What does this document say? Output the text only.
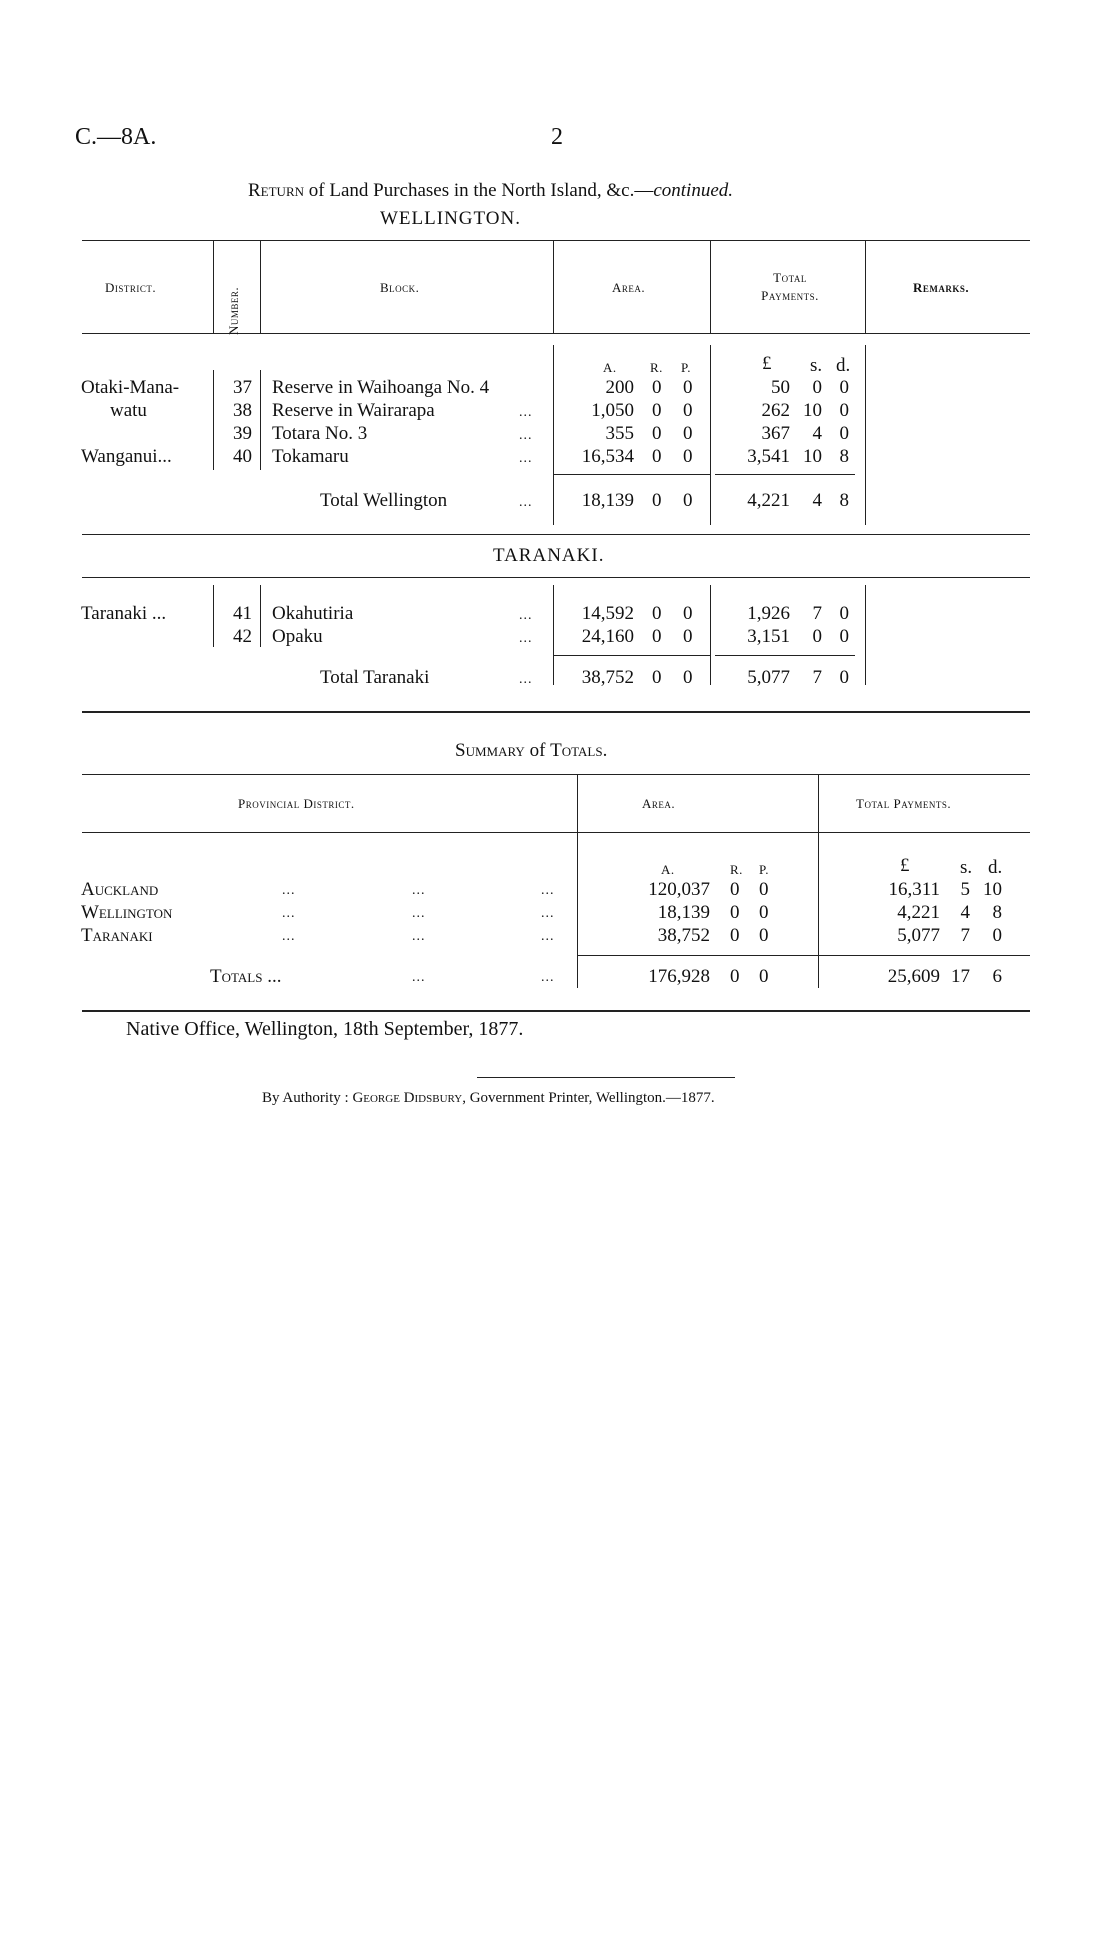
C.—8A.	2
Return of Land Purchases in the North Island, &c.—continued.
WELLINGTON.
District.	Number.	Block.	Area.
Total
Payments.
Remarks.
A.	R. P.	£ s. d.
Otaki-Mana-	37 Reserve in Waihoanga No. 4	200 0 0	50	0 0
watu	38 Reserve in Wairarapa	...	1,050 0 0	262 10 0
39 Totara No. 3	...	355 0 0	367	4 0
Wanganui...	40 Tokamaru	...	16,534 0 0	3,541 10 8
Total Wellington	...	18,139 0 0	4,221	4 8
TARANAKI.
Taranaki ...	41 Okahutiria	...	14,592 0 0	1,926	7 0
42 Opaku	...	24,160 0 0	3,151	0 0
Total Taranaki	...	38,752 0 0	5,077	7 0
Summary of Totals.
Provincial District.	Area.	Total Payments.
A.	R. P.	£	s. d.
Auckland	...	...	...	120,037 0 0	16,311	5 10
Wellington	...	...	...	18,139 0 0	4,221	4	8
Taranaki	...	...	...	38,752 0 0	5,077	7	0
Totals ...	...	...	176,928 0 0	25,609 17	6
Native Office, Wellington, 18th September, 1877.
By Authority : George Didsbury, Government Printer, Wellington.—1877.
